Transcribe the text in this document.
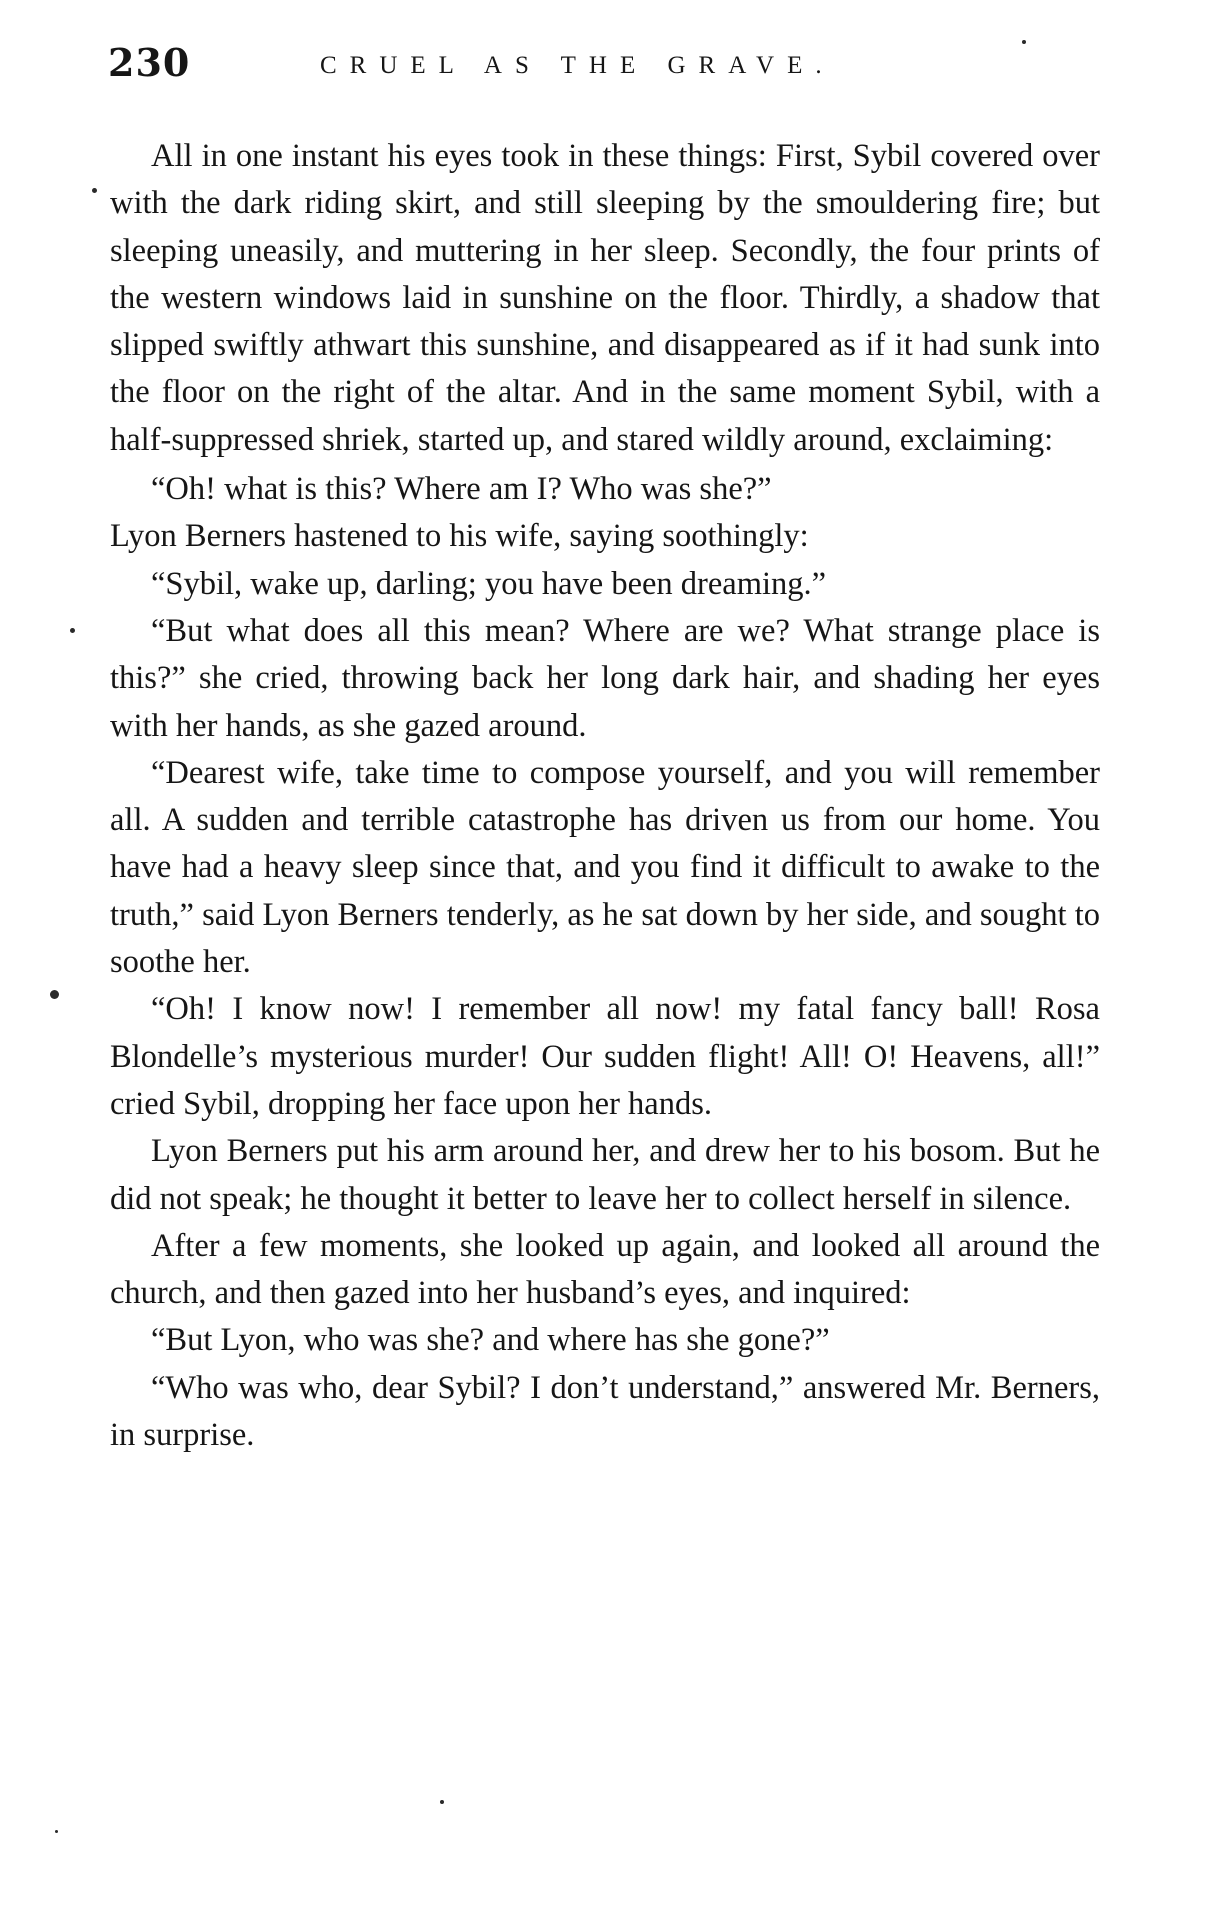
230	CRUEL AS THE GRAVE.

All in one instant his eyes took in these things: First, Sybil covered over with the dark riding skirt, and still sleeping by the smouldering fire; but sleeping uneasily, and muttering in her sleep. Secondly, the four prints of the western windows laid in sunshine on the floor. Thirdly, a shadow that slipped swiftly athwart this sunshine, and disappeared as if it had sunk into the floor on the right of the altar. And in the same moment Sybil, with a half-suppressed shriek, started up, and stared wildly around, exclaiming:

“Oh! what is this? Where am I? Who was she?”

Lyon Berners hastened to his wife, saying soothingly:

“Sybil, wake up, darling; you have been dreaming.”

“But what does all this mean? Where are we? What strange place is this?” she cried, throwing back her long dark hair, and shading her eyes with her hands, as she gazed around.

“Dearest wife, take time to compose yourself, and you will remember all. A sudden and terrible catastrophe has driven us from our home. You have had a heavy sleep since that, and you find it difficult to awake to the truth,” said Lyon Berners tenderly, as he sat down by her side, and sought to soothe her.

“Oh! I know now! I remember all now! my fatal fancy ball! Rosa Blondelle’s mysterious murder! Our sudden flight! All! O! Heavens, all!” cried Sybil, dropping her face upon her hands.

Lyon Berners put his arm around her, and drew her to his bosom. But he did not speak; he thought it better to leave her to collect herself in silence.

After a few moments, she looked up again, and looked all around the church, and then gazed into her husband’s eyes, and inquired:

“But Lyon, who was she? and where has she gone?”

“Who was who, dear Sybil? I don’t understand,” answered Mr. Berners, in surprise.
